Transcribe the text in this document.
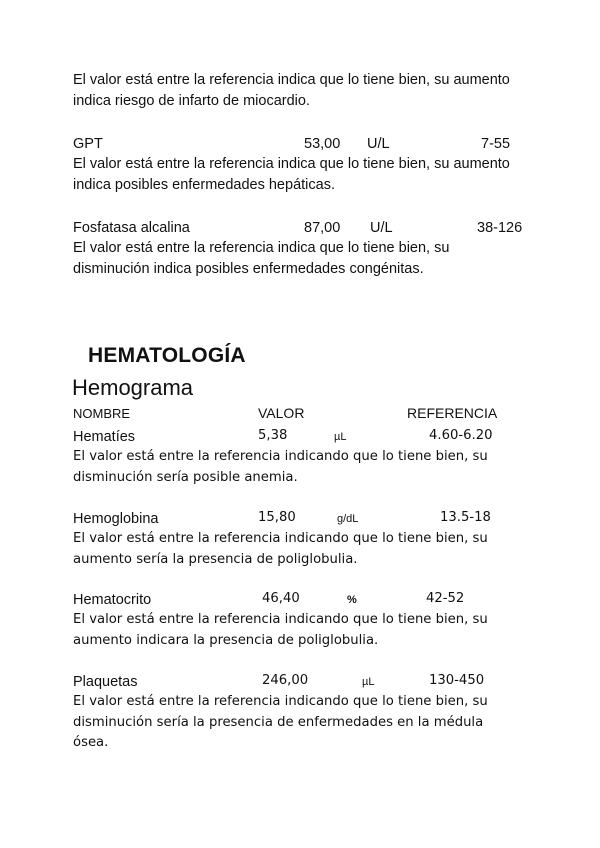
El valor está entre la referencia indica que lo tiene bien, su aumento
indica riesgo de infarto de miocardio.
GPT	53,00 U/L	7-55
El valor está entre la referencia indica que lo tiene bien, su aumento
indica posibles enfermedades hepáticas.
Fosfatasa alcalina	87,00 U/L	38-126
El valor está entre la referencia indica que lo tiene bien, su
disminución indica posibles enfermedades congénitas.
HEMATOLOGÍA
Hemograma
NOMBRE	VALOR	REFERENCIA
Hematíes	5,38	µL	4.60-6.20
El valor está entre la referencia indicando que lo tiene bien, su
disminución sería posible anemia.
Hemoglobina	15,80	g/dL	13.5-18
El valor está entre la referencia indicando que lo tiene bien, su
aumento sería la presencia de poliglobulia.
Hematocrito	46,40	%	42-52
El valor está entre la referencia indicando que lo tiene bien, su
aumento indicara la presencia de poliglobulia.
Plaquetas	246,00	µL	130-450
El valor está entre la referencia indicando que lo tiene bien, su
disminución sería la presencia de enfermedades en la médula
ósea.
